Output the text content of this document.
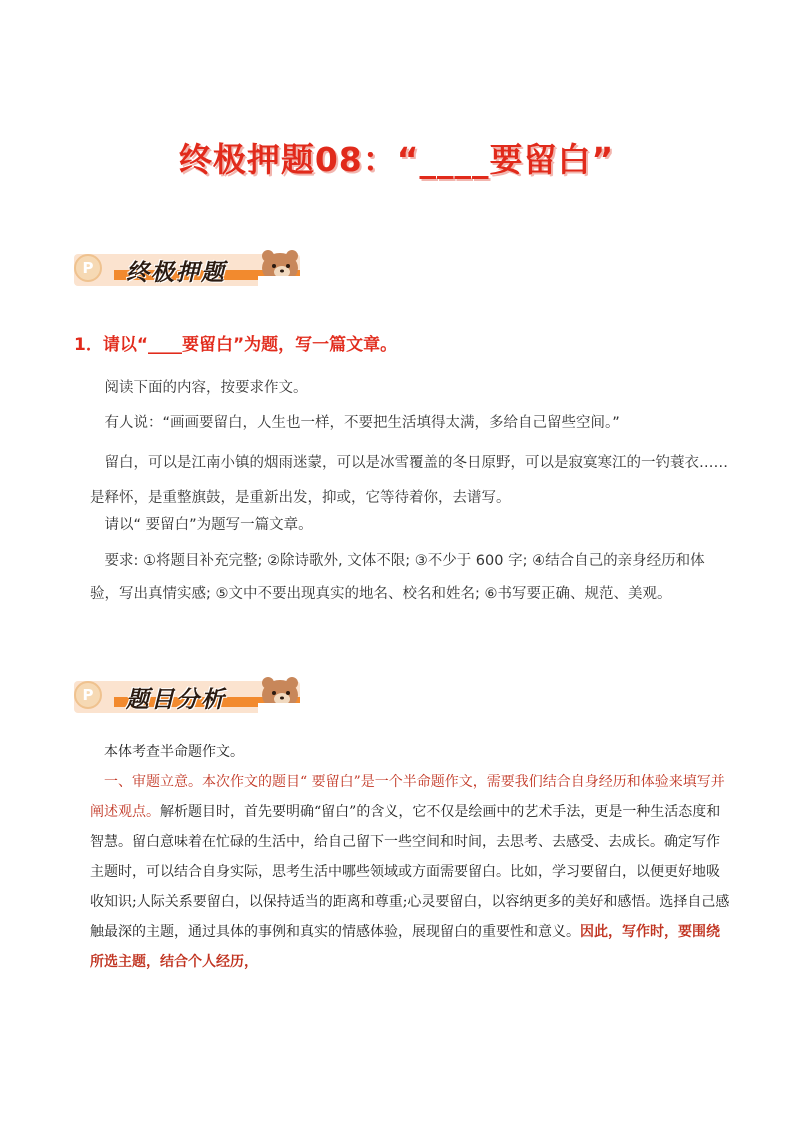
终极押题08：“____要留白”
P	终极押题
1．请以“____要留白”为题，写一篇文章。
阅读下面的内容，按要求作文。
有人说：“画画要留白，人生也一样，不要把生活填得太满，多给自己留些空间。”
留白，可以是江南小镇的烟雨迷蒙，可以是冰雪覆盖的冬日原野，可以是寂寞寒江的一钓蓑衣……是释怀，是重整旗鼓，是重新出发，抑或，它等待着你，去谱写。
请以“ 要留白”为题写一篇文章。
要求: ①将题目补充完整; ②除诗歌外, 文体不限; ③不少于 600 字; ④结合自己的亲身经历和体验，写出真情实感; ⑤文中不要出现真实的地名、校名和姓名; ⑥书写要正确、规范、美观。
P	题目分析

本体考查半命题作文。

一、审题立意。本次作文的题目“ 要留白”是一个半命题作文，需要我们结合自身经历和体验来填写并阐述观点。解析题目时，首先要明确“留白”的含义，它不仅是绘画中的艺术手法，更是一种生活态度和智慧。留白意味着在忙碌的生活中，给自己留下一些空间和时间，去思考、去感受、去成长。确定写作主题时，可以结合自身实际，思考生活中哪些领域或方面需要留白。比如，学习要留白，以便更好地吸收知识;人际关系要留白，以保持适当的距离和尊重;心灵要留白，以容纳更多的美好和感悟。选择自己感触最深的主题，通过具体的事例和真实的情感体验，展现留白的重要性和意义。因此，写作时，要围绕所选主题，结合个人经历，
